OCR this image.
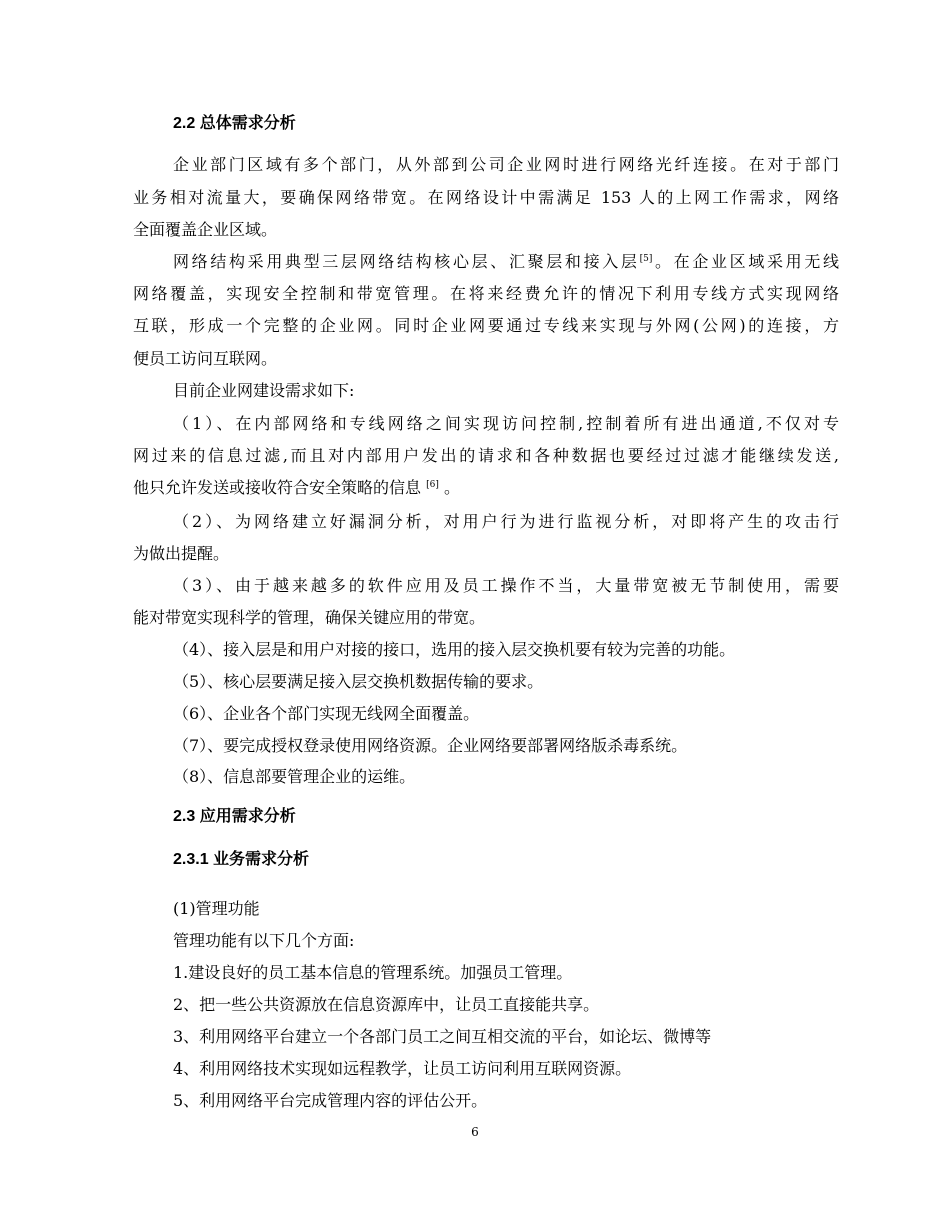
2.2 总体需求分析
企业部门区域有多个部门，从外部到公司企业网时进行网络光纤连接。在对于部门
业务相对流量大，要确保网络带宽。在网络设计中需满足 153 人的上网工作需求，网络
全面覆盖企业区域。
网络结构采用典型三层网络结构核心层、汇聚层和接入层[5]。在企业区域采用无线
网络覆盖，实现安全控制和带宽管理。在将来经费允许的情况下利用专线方式实现网络
互联，形成一个完整的企业网。同时企业网要通过专线来实现与外网(公网)的连接，方
便员工访问互联网。
目前企业网建设需求如下:
（1）、在内部网络和专线网络之间实现访问控制,控制着所有进出通道,不仅对专
网过来的信息过滤,而且对内部用户发出的请求和各种数据也要经过过滤才能继续发送,
他只允许发送或接收符合安全策略的信息 [6] 。
（2）、为网络建立好漏洞分析，对用户行为进行监视分析，对即将产生的攻击行
为做出提醒。
（3）、由于越来越多的软件应用及员工操作不当，大量带宽被无节制使用，需要
能对带宽实现科学的管理，确保关键应用的带宽。
（4）、接入层是和用户对接的接口，选用的接入层交换机要有较为完善的功能。
（5）、核心层要满足接入层交换机数据传输的要求。
（6）、企业各个部门实现无线网全面覆盖。
（7）、要完成授权登录使用网络资源。企业网络要部署网络版杀毒系统。
（8）、信息部要管理企业的运维。
2.3 应用需求分析
2.3.1 业务需求分析
(1)管理功能
管理功能有以下几个方面:
1.建设良好的员工基本信息的管理系统。加强员工管理。
2、把一些公共资源放在信息资源库中，让员工直接能共享。
3、利用网络平台建立一个各部门员工之间互相交流的平台，如论坛、微博等
4、利用网络技术实现如远程教学，让员工访问利用互联网资源。
5、利用网络平台完成管理内容的评估公开。
6
